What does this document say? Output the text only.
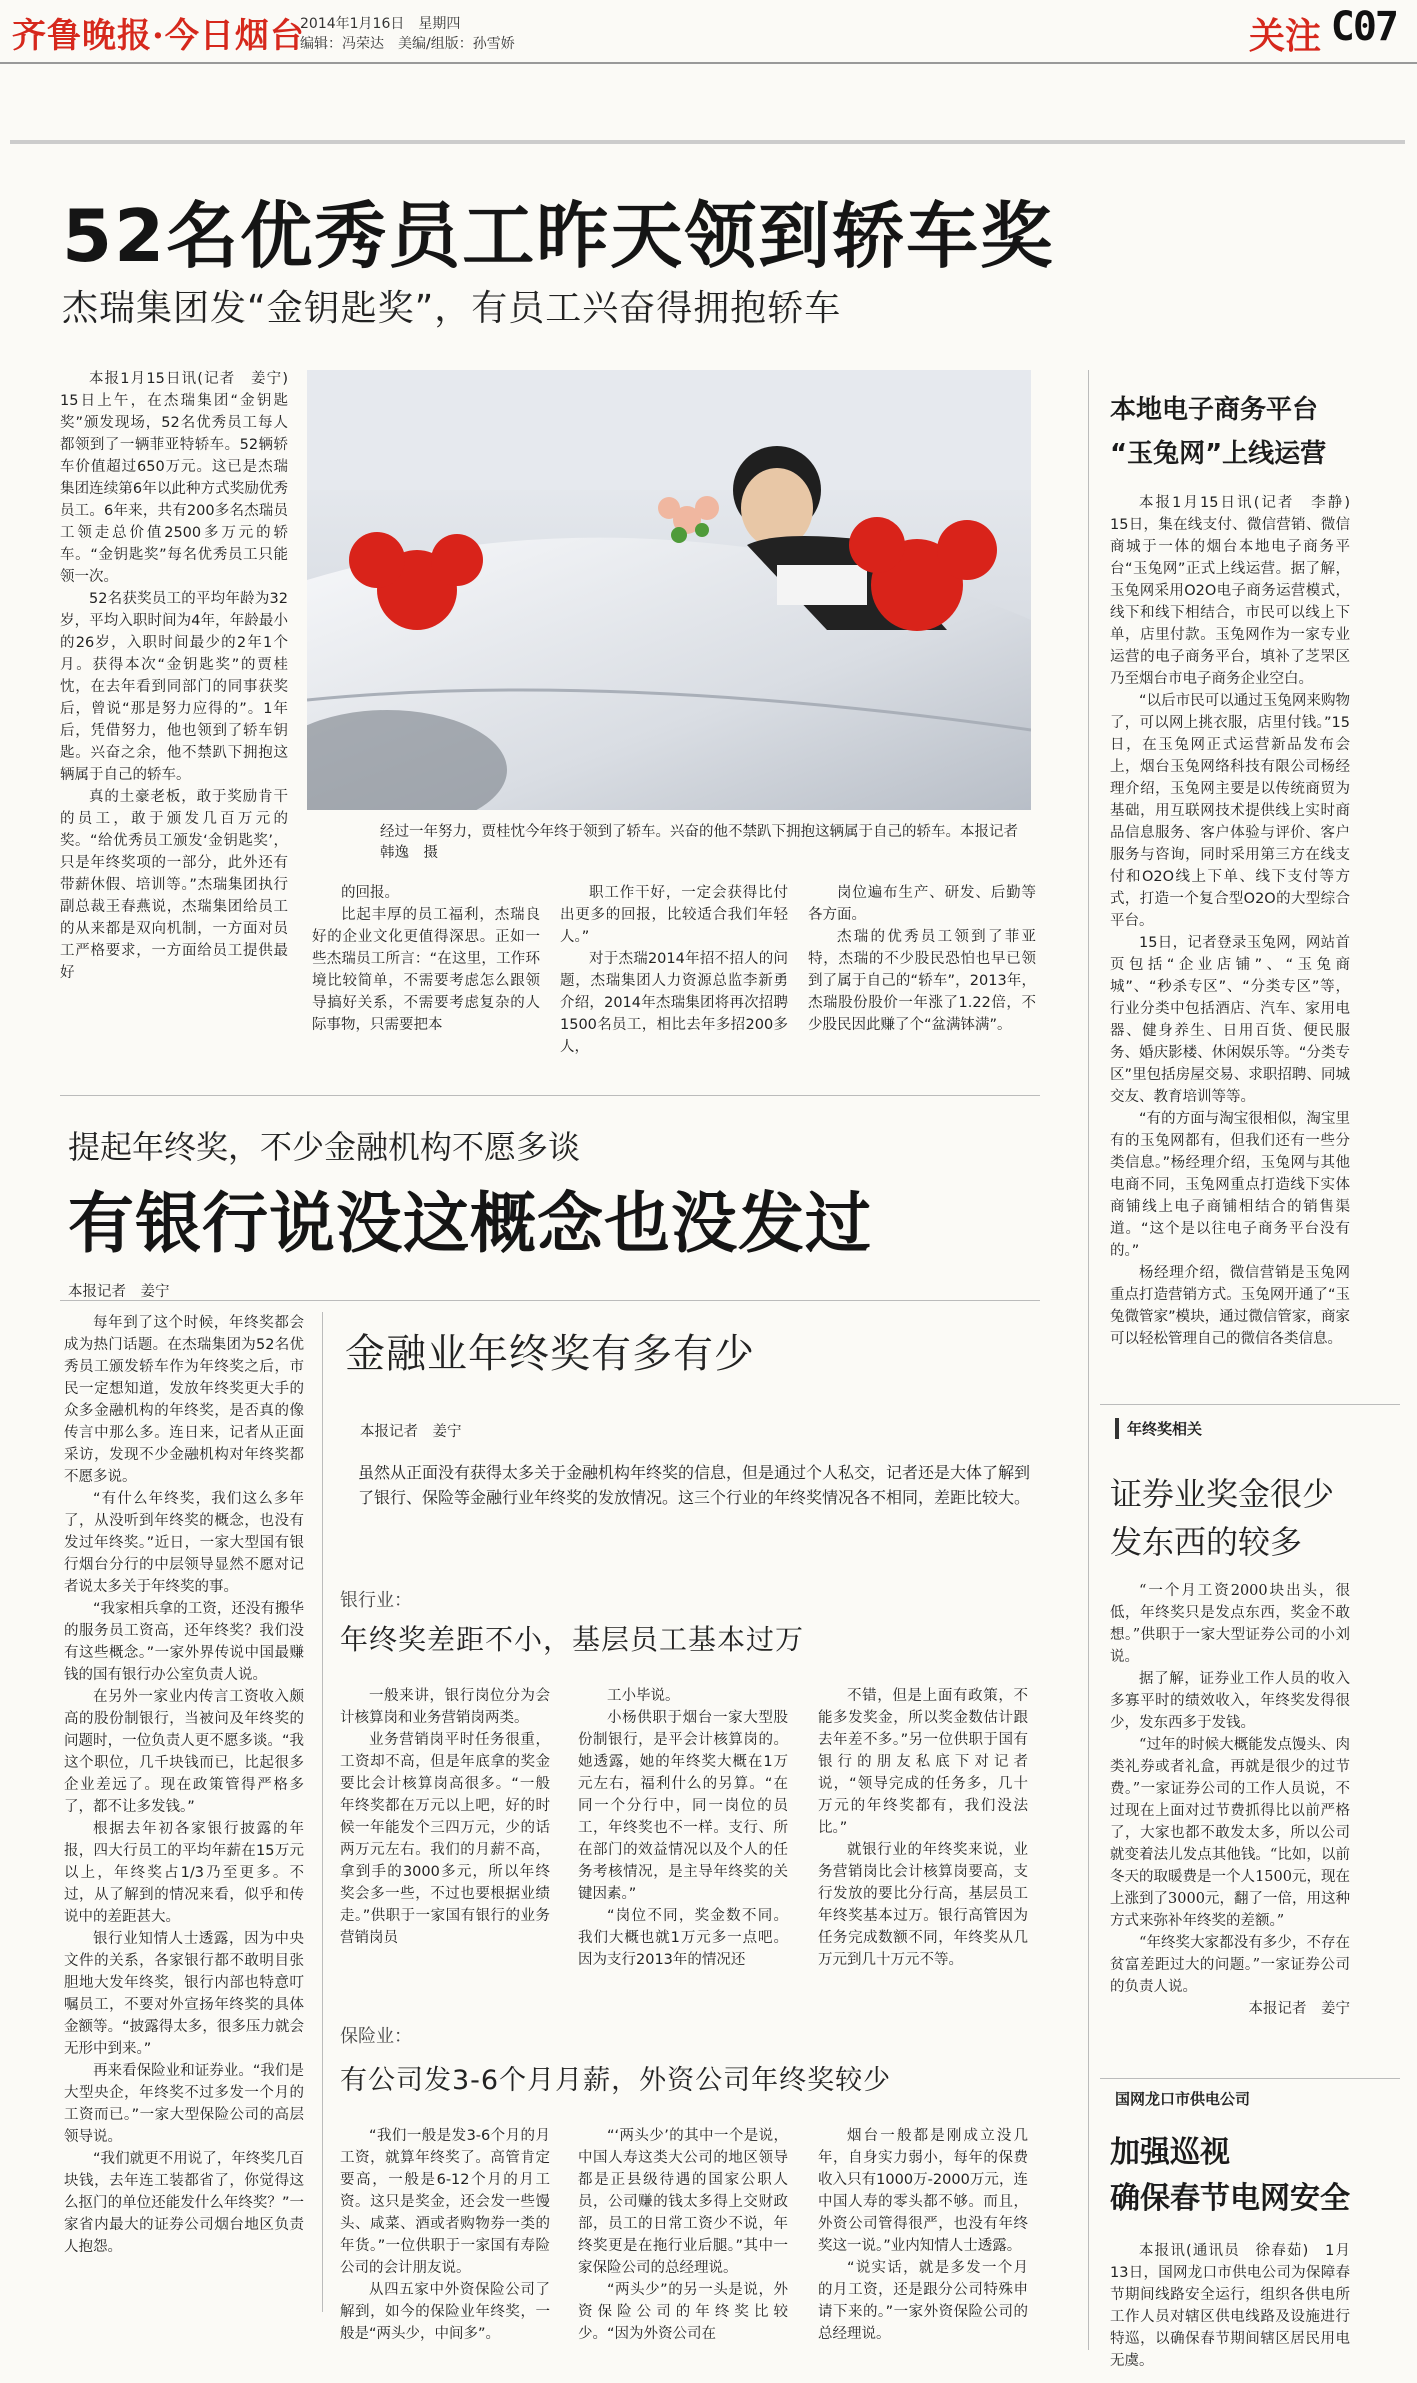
齐鲁晚报·今日烟台
2014年1月16日　星期四
编辑：冯荣达　美编/组版：孙雪娇	关注 C07
52名优秀员工昨天领到轿车奖
杰瑞集团发“金钥匙奖”，有员工兴奋得拥抱轿车

本报1月15日讯(记者　姜宁)　15日上午，在杰瑞集团“金钥匙奖”颁发现场，52名优秀员工每人都领到了一辆菲亚特轿车。52辆轿车价值超过650万元。这已是杰瑞集团连续第6年以此种方式奖励优秀员工。6年来，共有200多名杰瑞员工领走总价值2500多万元的轿车。“金钥匙奖”每名优秀员工只能领一次。

52名获奖员工的平均年龄为32岁，平均入职时间为4年，年龄最小的26岁，入职时间最少的2年1个月。获得本次“金钥匙奖”的贾桂忱，在去年看到同部门的同事获奖后，曾说“那是努力应得的”。1年后，凭借努力，他也领到了轿车钥匙。兴奋之余，他不禁趴下拥抱这辆属于自己的轿车。

真的土豪老板，敢于奖励肯干的员工，敢于颁发几百万元的奖。“给优秀员工颁发‘金钥匙奖’，只是年终奖项的一部分，此外还有带薪休假、培训等。”杰瑞集团执行副总裁王春燕说，杰瑞集团给员工的从来都是双向机制，一方面对员工严格要求，一方面给员工提供最好

经过一年努力，贾桂忱今年终于领到了轿车。兴奋的他不禁趴下拥抱这辆属于自己的轿车。本报记者　韩逸　摄

的回报。

比起丰厚的员工福利，杰瑞良好的企业文化更值得深思。正如一些杰瑞员工所言：“在这里，工作环境比较简单，不需要考虑怎么跟领导搞好关系，不需要考虑复杂的人际事物，只需要把本

职工作干好，一定会获得比付出更多的回报，比较适合我们年轻人。”

对于杰瑞2014年招不招人的问题，杰瑞集团人力资源总监李新勇介绍，2014年杰瑞集团将再次招聘1500名员工，相比去年多招200多人，

岗位遍布生产、研发、后勤等各方面。

杰瑞的优秀员工领到了菲亚特，杰瑞的不少股民恐怕也早已领到了属于自己的“轿车”，2013年，杰瑞股份股价一年涨了1.22倍，不少股民因此赚了个“盆满钵满”。

本地电子商务平台
“玉兔网”上线运营

本报1月15日讯(记者　李静)　15日，集在线支付、微信营销、微信商城于一体的烟台本地电子商务平台“玉兔网”正式上线运营。据了解，玉兔网采用O2O电子商务运营模式，线下和线下相结合，市民可以线上下单，店里付款。玉兔网作为一家专业运营的电子商务平台，填补了芝罘区乃至烟台市电子商务企业空白。

“以后市民可以通过玉兔网来购物了，可以网上挑衣服，店里付钱。”15日，在玉兔网正式运营新品发布会上，烟台玉兔网络科技有限公司杨经理介绍，玉兔网主要是以传统商贸为基础，用互联网技术提供线上实时商品信息服务、客户体验与评价、客户服务与咨询，同时采用第三方在线支付和O2O线上下单、线下支付等方式，打造一个复合型O2O的大型综合平台。

15日，记者登录玉兔网，网站首页包括“企业店铺”、“玉兔商城”、“秒杀专区”、“分类专区”等，行业分类中包括酒店、汽车、家用电器、健身养生、日用百货、便民服务、婚庆影楼、休闲娱乐等。“分类专区”里包括房屋交易、求职招聘、同城交友、教育培训等等。

“有的方面与淘宝很相似，淘宝里有的玉兔网都有，但我们还有一些分类信息。”杨经理介绍，玉兔网与其他电商不同，玉兔网重点打造线下实体商铺线上电子商铺相结合的销售渠道。“这个是以往电子商务平台没有的。”

杨经理介绍，微信营销是玉兔网重点打造营销方式。玉兔网开通了“玉兔微管家”模块，通过微信管家，商家可以轻松管理自己的微信各类信息。

提起年终奖，不少金融机构不愿多谈
有银行说没这概念也没发过
本报记者　姜宁

每年到了这个时候，年终奖都会成为热门话题。在杰瑞集团为52名优秀员工颁发轿车作为年终奖之后，市民一定想知道，发放年终奖更大手的众多金融机构的年终奖，是否真的像传言中那么多。连日来，记者从正面采访，发现不少金融机构对年终奖都不愿多说。

“有什么年终奖，我们这么多年了，从没听到年终奖的概念，也没有发过年终奖。”近日，一家大型国有银行烟台分行的中层领导显然不愿对记者说太多关于年终奖的事。

“我家相兵拿的工资，还没有搬华的服务员工资高，还年终奖？我们没有这些概念。”一家外界传说中国最赚钱的国有银行办公室负责人说。

在另外一家业内传言工资收入颇高的股份制银行，当被问及年终奖的问题时，一位负责人更不愿多谈。“我这个职位，几千块钱而已，比起很多企业差远了。现在政策管得严格多了，都不让多发钱。”

根据去年初各家银行披露的年报，四大行员工的平均年薪在15万元以上，年终奖占1/3乃至更多。不过，从了解到的情况来看，似乎和传说中的差距甚大。

银行业知情人士透露，因为中央文件的关系，各家银行都不敢明目张胆地大发年终奖，银行内部也特意叮嘱员工，不要对外宣扬年终奖的具体金额等。“披露得太多，很多压力就会无形中到来。”

再来看保险业和证券业。“我们是大型央企，年终奖不过多发一个月的工资而已。”一家大型保险公司的高层领导说。

“我们就更不用说了，年终奖几百块钱，去年连工装都省了，你觉得这么抠门的单位还能发什么年终奖？”一家省内最大的证券公司烟台地区负责人抱怨。

金融业年终奖有多有少
本报记者　姜宁
虽然从正面没有获得太多关于金融机构年终奖的信息，但是通过个人私交，记者还是大体了解到了银行、保险等金融行业年终奖的发放情况。这三个行业的年终奖情况各不相同，差距比较大。
银行业：
年终奖差距不小，基层员工基本过万

一般来讲，银行岗位分为会计核算岗和业务营销岗两类。

业务营销岗平时任务很重，工资却不高，但是年底拿的奖金要比会计核算岗高很多。“一般年终奖都在万元以上吧，好的时候一年能发个三四万元，少的话两万元左右。我们的月薪不高，拿到手的3000多元，所以年终奖会多一些，不过也要根据业绩走。”供职于一家国有银行的业务营销岗员

工小毕说。

小杨供职于烟台一家大型股份制银行，是平会计核算岗的。她透露，她的年终奖大概在1万元左右，福利什么的另算。“在同一个分行中，同一岗位的员工，年终奖也不一样。支行、所在部门的效益情况以及个人的任务考核情况，是主导年终奖的关键因素。”

“岗位不同，奖金数不同。我们大概也就1万元多一点吧。因为支行2013年的情况还

不错，但是上面有政策，不能多发奖金，所以奖金数估计跟去年差不多。”另一位供职于国有银行的朋友私底下对记者说，“领导完成的任务多，几十万元的年终奖都有，我们没法比。”

就银行业的年终奖来说，业务营销岗比会计核算岗要高，支行发放的要比分行高，基层员工年终奖基本过万。银行高管因为任务完成数额不同，年终奖从几万元到几十万元不等。

保险业：
有公司发3-6个月月薪，外资公司年终奖较少

“我们一般是发3-6个月的月工资，就算年终奖了。高管肯定要高，一般是6-12个月的月工资。这只是奖金，还会发一些馒头、咸菜、酒或者购物券一类的年货。”一位供职于一家国有寿险公司的会计朋友说。

从四五家中外资保险公司了解到，如今的保险业年终奖，一般是“两头少，中间多”。

“‘两头少’的其中一个是说，中国人寿这类大公司的地区领导都是正县级待遇的国家公职人员，公司赚的钱太多得上交财政部，员工的日常工资少不说，年终奖更是在拖行业后腿。”其中一家保险公司的总经理说。

“两头少”的另一头是说，外资保险公司的年终奖比较少。“因为外资公司在

烟台一般都是刚成立没几年，自身实力弱小，每年的保费收入只有1000万-2000万元，连中国人寿的零头都不够。而且，外资公司管得很严，也没有年终奖这一说。”业内知情人士透露。

“说实话，就是多发一个月的月工资，还是跟分公司特殊申请下来的。”一家外资保险公司的总经理说。

年终奖相关
证券业奖金很少
发东西的较多

“一个月工资2000块出头，很低，年终奖只是发点东西，奖金不敢想。”供职于一家大型证券公司的小刘说。

据了解，证券业工作人员的收入多寡平时的绩效收入，年终奖发得很少，发东西多于发钱。

“过年的时候大概能发点馒头、肉类礼券或者礼盒，再就是很少的过节费。”一家证券公司的工作人员说，不过现在上面对过节费抓得比以前严格了，大家也都不敢发太多，所以公司就变着法儿发点其他钱。“比如，以前冬天的取暖费是一个人1500元，现在上涨到了3000元，翻了一倍，用这种方式来弥补年终奖的差额。”

“年终奖大家都没有多少，不存在贫富差距过大的问题。”一家证券公司的负责人说。

本报记者　姜宁

国网龙口市供电公司
加强巡视
确保春节电网安全

本报讯(通讯员　徐春茹)　1月13日，国网龙口市供电公司为保障春节期间线路安全运行，组织各供电所工作人员对辖区供电线路及设施进行特巡，以确保春节期间辖区居民用电无虞。
